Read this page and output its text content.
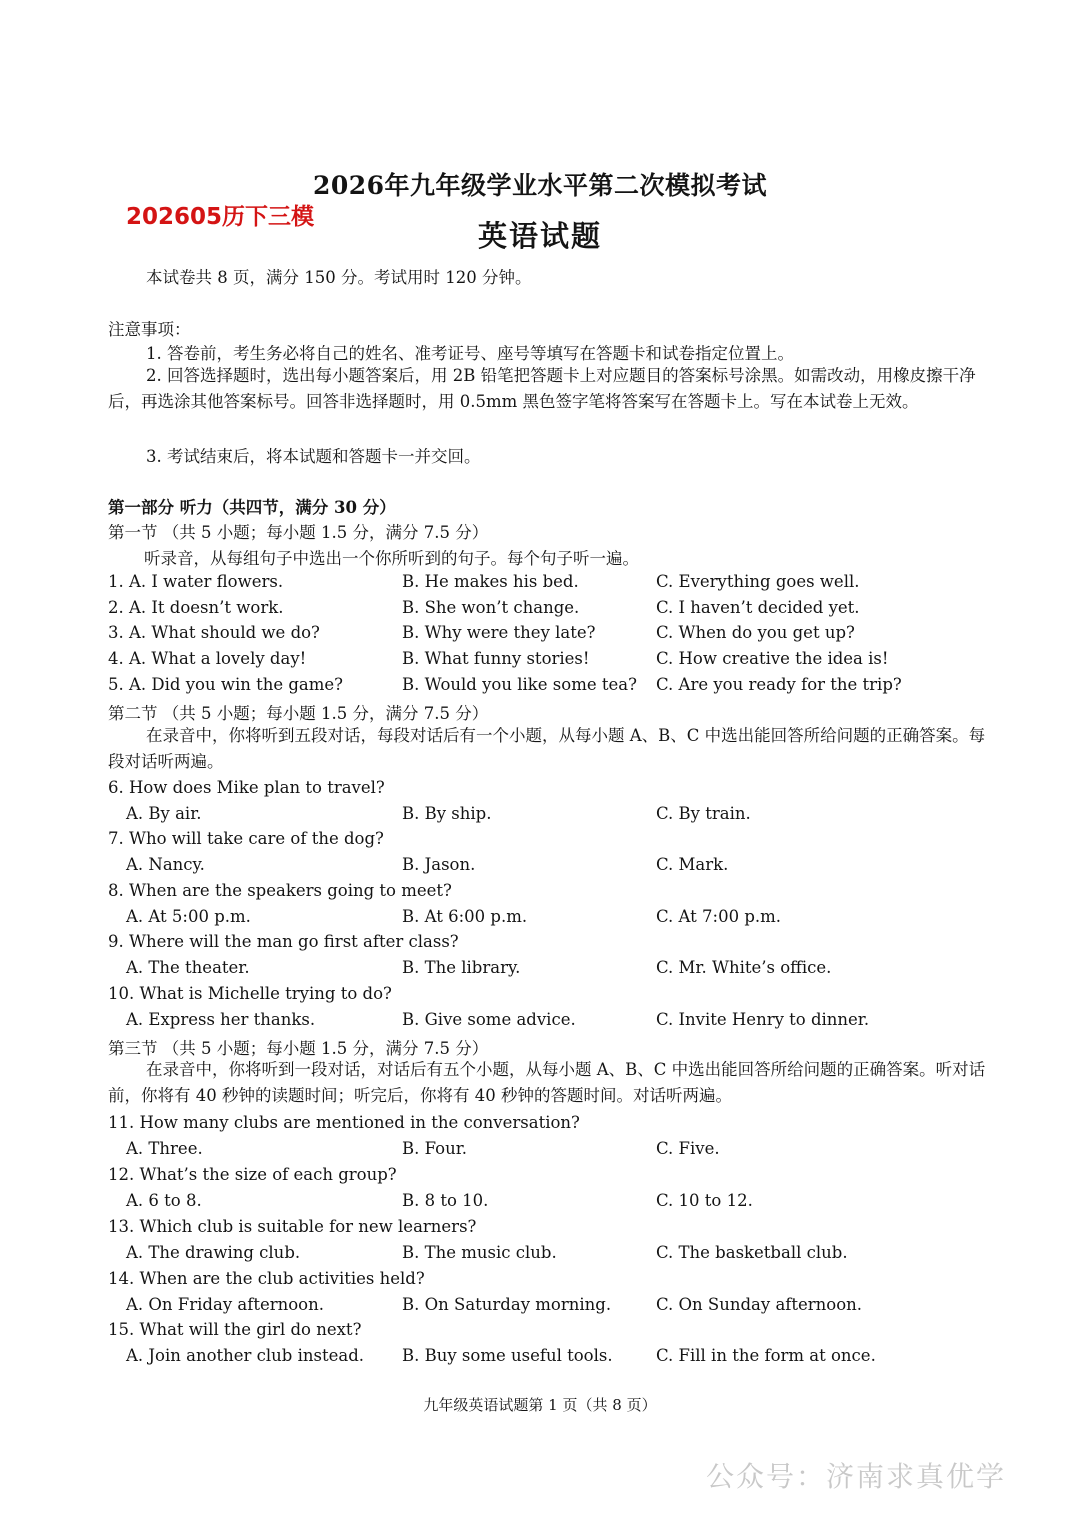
2026年九年级学业水平第二次模拟考试
202605历下三模
英语试题
本试卷共 8 页，满分 150 分。考试用时 120 分钟。
注意事项：
1. 答卷前，考生务必将自己的姓名、准考证号、座号等填写在答题卡和试卷指定位置上。
2. 回答选择题时，选出每小题答案后，用 2B 铅笔把答题卡上对应题目的答案标号涂黑。如需改动，用橡皮擦干净后，再选涂其他答案标号。回答非选择题时，用 0.5mm 黑色签字笔将答案写在答题卡上。写在本试卷上无效。
3. 考试结束后，将本试题和答题卡一并交回。
第一部分 听力（共四节，满分 30 分）
第一节 （共 5 小题；每小题 1.5 分，满分 7.5 分）
听录音，从每组句子中选出一个你所听到的句子。每个句子听一遍。
1. A. I water flowers.	B. He makes his bed.	C. Everything goes well.
2. A. It doesn’t work.	B. She won’t change.	C. I haven’t decided yet.
3. A. What should we do?	B. Why were they late?	C. When do you get up?
4. A. What a lovely day!	B. What funny stories!	C. How creative the idea is!
5. A. Did you win the game?	B. Would you like some tea? C. Are you ready for the trip?
第二节 （共 5 小题；每小题 1.5 分，满分 7.5 分）
在录音中，你将听到五段对话，每段对话后有一个小题，从每小题 A、B、C 中选出能回答所给问题的正确答案。每段对话听两遍。
6. How does Mike plan to travel?
A. By air.	B. By ship.	C. By train.
7. Who will take care of the dog?
A. Nancy.	B. Jason.	C. Mark.
8. When are the speakers going to meet?
A. At 5:00 p.m.	B. At 6:00 p.m.	C. At 7:00 p.m.
9. Where will the man go first after class?
A. The theater.	B. The library.	C. Mr. White’s office.
10. What is Michelle trying to do?
A. Express her thanks.	B. Give some advice.	C. Invite Henry to dinner.
第三节 （共 5 小题；每小题 1.5 分，满分 7.5 分）
在录音中，你将听到一段对话，对话后有五个小题，从每小题 A、B、C 中选出能回答所给问题的正确答案。听对话前，你将有 40 秒钟的读题时间；听完后，你将有 40 秒钟的答题时间。对话听两遍。
11. How many clubs are mentioned in the conversation?
A. Three.	B. Four.	C. Five.
12. What’s the size of each group?
A. 6 to 8.	B. 8 to 10.	C. 10 to 12.
13. Which club is suitable for new learners?
A. The drawing club.	B. The music club.	C. The basketball club.
14. When are the club activities held?
A. On Friday afternoon.	B. On Saturday morning.	C. On Sunday afternoon.
15. What will the girl do next?
A. Join another club instead. B. Buy some useful tools.	C. Fill in the form at once.
九年级英语试题第 1 页（共 8 页）
公众号：济南求真优学
